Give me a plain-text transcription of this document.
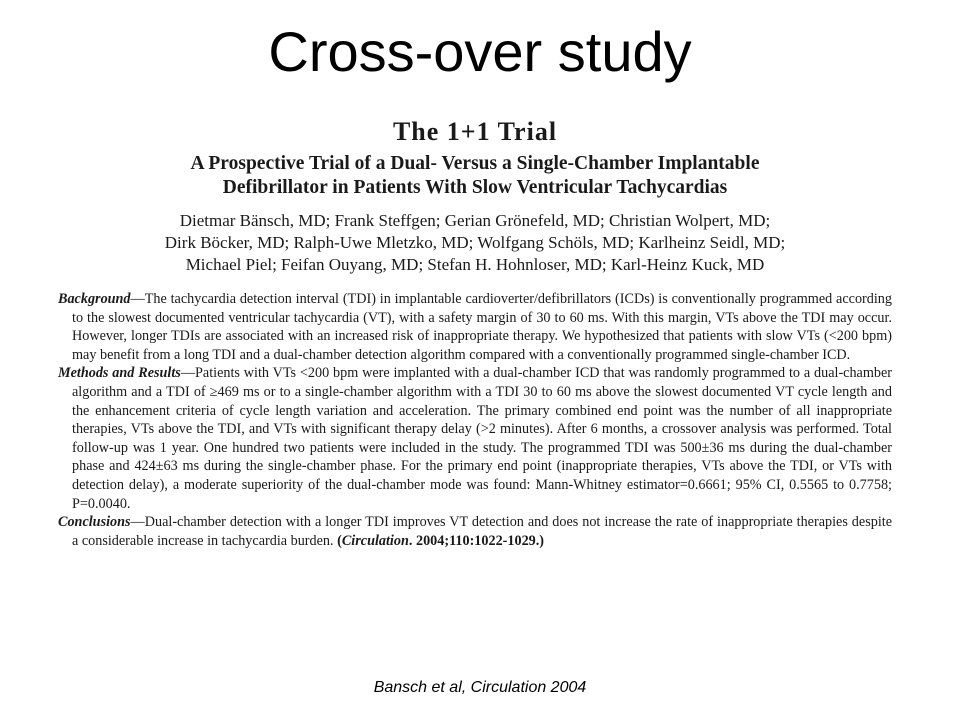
Cross-over study
The 1+1 Trial
A Prospective Trial of a Dual- Versus a Single-Chamber Implantable
Defibrillator in Patients With Slow Ventricular Tachycardias
Dietmar Bänsch, MD; Frank Steffgen; Gerian Grönefeld, MD; Christian Wolpert, MD;
Dirk Böcker, MD; Ralph-Uwe Mletzko, MD; Wolfgang Schöls, MD; Karlheinz Seidl, MD;
Michael Piel; Feifan Ouyang, MD; Stefan H. Hohnloser, MD; Karl-Heinz Kuck, MD

Background—The tachycardia detection interval (TDI) in implantable cardioverter/defibrillators (ICDs) is conventionally programmed according to the slowest documented ventricular tachycardia (VT), with a safety margin of 30 to 60 ms. With this margin, VTs above the TDI may occur. However, longer TDIs are associated with an increased risk of inappropriate therapy. We hypothesized that patients with slow VTs (<200 bpm) may benefit from a long TDI and a dual-chamber detection algorithm compared with a conventionally programmed single-chamber ICD.

Methods and Results—Patients with VTs <200 bpm were implanted with a dual-chamber ICD that was randomly programmed to a dual-chamber algorithm and a TDI of ≥469 ms or to a single-chamber algorithm with a TDI 30 to 60 ms above the slowest documented VT cycle length and the enhancement criteria of cycle length variation and acceleration. The primary combined end point was the number of all inappropriate therapies, VTs above the TDI, and VTs with significant therapy delay (>2 minutes). After 6 months, a crossover analysis was performed. Total follow-up was 1 year. One hundred two patients were included in the study. The programmed TDI was 500±36 ms during the dual-chamber phase and 424±63 ms during the single-chamber phase. For the primary end point (inappropriate therapies, VTs above the TDI, or VTs with detection delay), a moderate superiority of the dual-chamber mode was found: Mann-Whitney estimator=0.6661; 95% CI, 0.5565 to 0.7758; P=0.0040.

Conclusions—Dual-chamber detection with a longer TDI improves VT detection and does not increase the rate of inappropriate therapies despite a considerable increase in tachycardia burden. (Circulation. 2004;110:1022-1029.)

Bansch et al, Circulation 2004
